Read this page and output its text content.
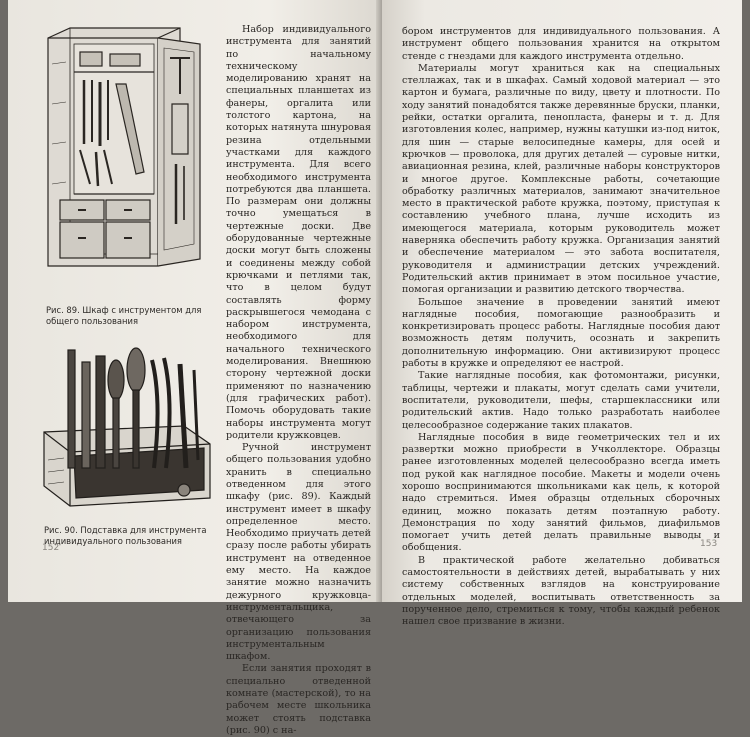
Рис. 89. Шкаф с инструментом для общего пользования
Рис. 90. Подставка для инструмента индивидуального пользования

Набор индивидуального инструмента для занятий по начальному техническому моделированию хранят на специальных планшетах из фанеры, оргалита или толстого картона, на которых натянута шнуровая резина отдельными участками для каждого инструмента. Для всего необходимого инструмента потребуются два планшета. По размерам они должны точно умещаться в чертежные доски. Две оборудованные чертежные доски могут быть сложены и соединены между собой крючками и петлями так, что в целом будут составлять форму раскрывшегося чемодана с набором инструмента, необходимого для начального технического моделирования. Внешнюю сторону чертежной доски применяют по назначению (для графических работ). Помочь оборудовать такие наборы инструмента могут родители кружковцев.

Ручной инструмент общего пользования удобно хранить в специально отведенном для этого шкафу (рис. 89). Каждый инструмент имеет в шкафу определенное место. Необходимо приучать детей сразу после работы убирать инструмент на отведенное ему место. На каждое занятие можно назначить дежурного кружковца-инструментальщика, отвечающего за организацию пользования инструментальным шкафом.

Если занятия проходят в специально отведенной комнате (мастерской), то на рабочем месте школьника может стоять подставка (рис. 90) с на-

152

бором инструментов для индивидуального пользования. А инструмент общего пользования хранится на открытом стенде с гнездами для каждого инструмента отдельно.

Материалы могут храниться как на специальных стеллажах, так и в шкафах. Самый ходовой материал — это картон и бумага, различные по виду, цвету и плотности. По ходу занятий понадобятся также деревянные бруски, планки, рейки, остатки оргалита, пенопласта, фанеры и т. д. Для изготовления колес, например, нужны катушки из-под ниток, для шин — старые велосипедные камеры, для осей и крючков — проволока, для других деталей — суровые нитки, авиационная резина, клей, различные наборы конструкторов и многое другое. Комплексные работы, сочетающие обработку различных материалов, занимают значительное место в практической работе кружка, поэтому, приступая к составлению учебного плана, лучше исходить из имеющегося материала, которым руководитель может наверняка обеспечить работу кружка. Организация занятий и обеспечение материалом — это забота воспитателя, руководителя и администрации детских учреждений. Родительский актив принимает в этом посильное участие, помогая организации и развитию детского творчества.

Большое значение в проведении занятий имеют наглядные пособия, помогающие разнообразить и конкретизировать процесс работы. Наглядные пособия дают возможность детям получить, осознать и закрепить дополнительную информацию. Они активизируют процесс работы в кружке и определяют ее настрой.

Такие наглядные пособия, как фотомонтажи, рисунки, таблицы, чертежи и плакаты, могут сделать сами учители, воспитатели, руководители, шефы, старшеклассники или родительский актив. Надо только разработать наиболее целесообразное содержание таких плакатов.

Наглядные пособия в виде геометрических тел и их развертки можно приобрести в Учколлекторе. Образцы ранее изготовленных моделей целесообразно всегда иметь под рукой как наглядное пособие. Макеты и модели очень хорошо воспринимаются школьниками как цель, к которой надо стремиться. Имея образцы отдельных сборочных единиц, можно показать детям поэтапную работу. Демонстрация по ходу занятий фильмов, диафильмов помогает учить детей делать правильные выводы и обобщения.

В практической работе желательно добиваться самостоятельности в действиях детей, вырабатывать у них систему собственных взглядов на конструирование отдельных моделей, воспитывать ответственность за порученное дело, стремиться к тому, чтобы каждый ребенок нашел свое призвание в жизни.

153
